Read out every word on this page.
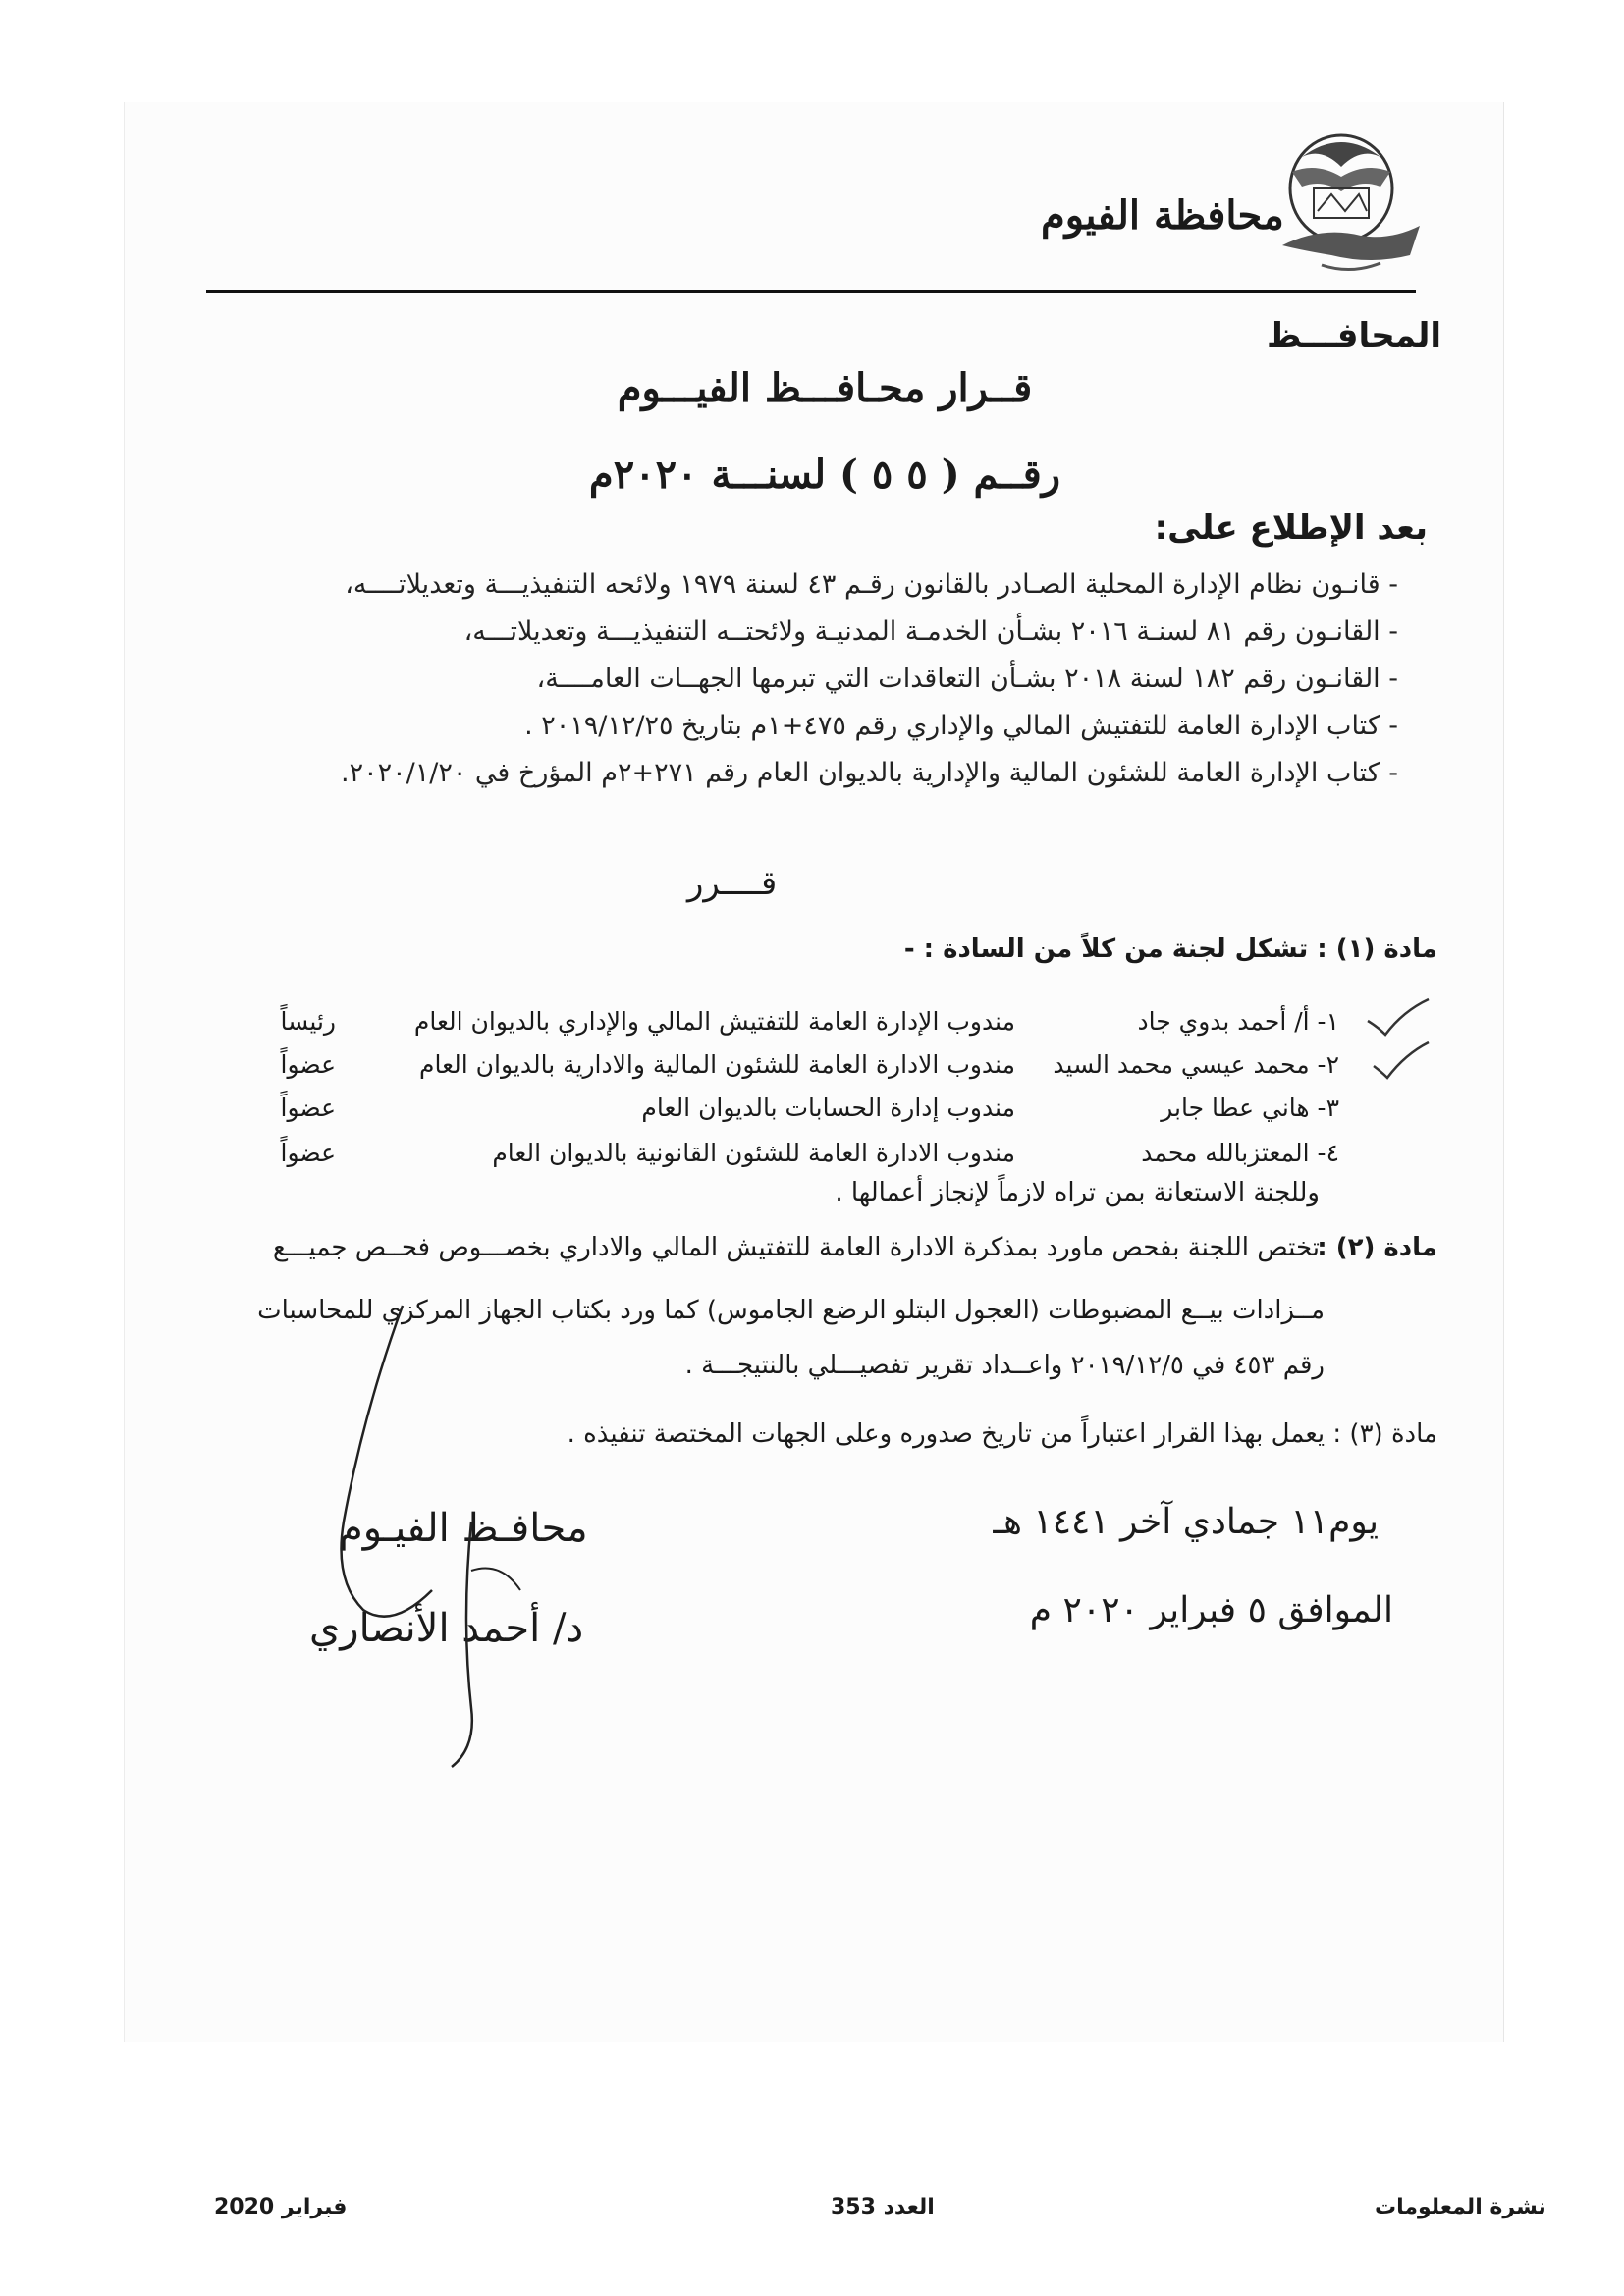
محافظة الفيوم
المحافـــظ
قــرار محـافـــظ الفيـــوم
رقــم ( ٥ ٥ ) لسنـــة ٢٠٢٠م
بعد الإطلاع على:
- قانـون نظام الإدارة المحلية الصـادر بالقانون رقـم ٤٣ لسنة ١٩٧٩ ولائحه التنفيذيـــة وتعديلاتــــه،
- القانـون رقم ٨١ لسنـة ٢٠١٦ بشـأن الخدمـة المدنيـة ولائحتــه التنفيذيـــة وتعديلاتـــه،
- القانـون رقم ١٨٢ لسنة ٢٠١٨ بشـأن التعاقدات التي تبرمها الجهــات العامــــة،
- كتاب الإدارة العامة للتفتيش المالي والإداري رقم ٤٧٥+١م بتاريخ ٢٠١٩/١٢/٢٥ .
- كتاب الإدارة العامة للشئون المالية والإدارية بالديوان العام رقم ٢٧١+٢م المؤرخ في ٢٠٢٠/١/٢٠.
قــــرر
مادة (١) : تشكل لجنة من كلاً من السادة : -
١- أ/ أحمد بدوي جاد
مندوب الإدارة العامة للتفتيش المالي والإداري بالديوان العام
رئيساً
٢- محمد عيسي محمد السيد
مندوب الادارة العامة للشئون المالية والادارية بالديوان العام
عضواً
٣- هاني عطا جابر
مندوب إدارة الحسابات بالديوان العام
عضواً
٤- المعتزبالله محمد
مندوب الادارة العامة للشئون القانونية بالديوان العام
عضواً
وللجنة الاستعانة بمن تراه لازماً لإنجاز أعمالها .
مادة (٢) :
تختص اللجنة بفحص ماورد بمذكرة الادارة العامة للتفتيش المالي والاداري بخصـــوص فحــص جميـــع
مــزادات بيــع المضبوطات (العجول البتلو الرضع الجاموس) كما ورد بكتاب الجهاز المركزي للمحاسبات
رقم ٤٥٣ في ٢٠١٩/١٢/٥ واعــداد تقرير تفصيـــلي بالنتيجـــة .
مادة (٣) : يعمل بهذا القرار اعتباراً من تاريخ صدوره وعلى الجهات المختصة تنفيذه .
يوم١١ جمادي آخر ١٤٤١ هـ
الموافق ٥ فبراير ٢٠٢٠ م
محافـظ الفيـوم
د/ أحمد الأنصاري
نشرة المعلومات
العدد 353
فبراير 2020
